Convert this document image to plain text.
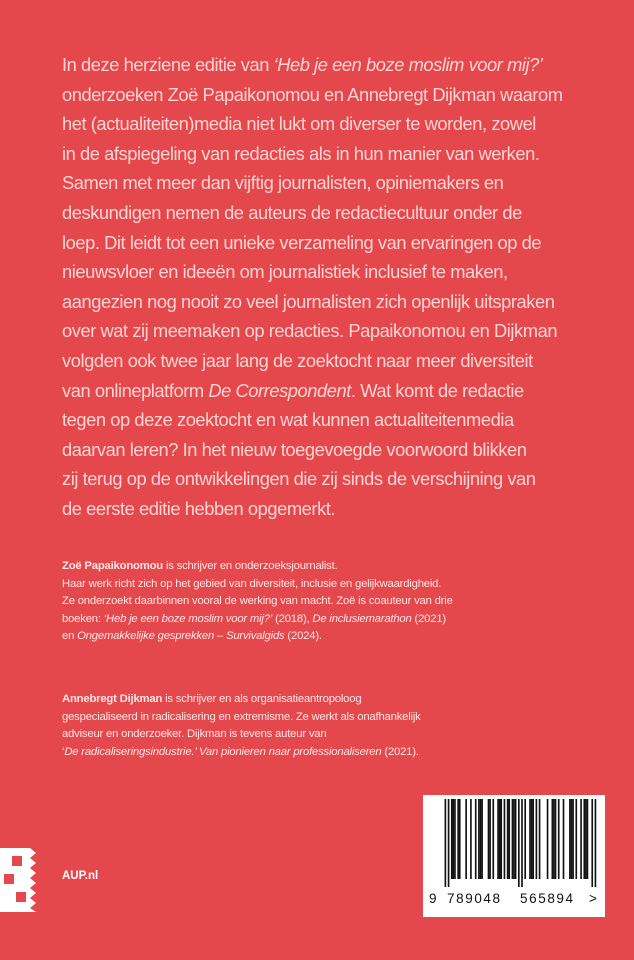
In deze herziene editie van ‘Heb je een boze moslim voor mij?’

onderzoeken Zoë Papaikonomou en Annebregt Dijkman waarom

het (actualiteiten)media niet lukt om diverser te worden, zowel

in de afspiegeling van redacties als in hun manier van werken.

Samen met meer dan vijftig journalisten, opiniemakers en

deskundigen nemen de auteurs de redactiecultuur onder de

loep. Dit leidt tot een unieke verzameling van ervaringen op de

nieuwsvloer en ideeën om journalistiek inclusief te maken,

aangezien nog nooit zo veel journalisten zich openlijk uitspraken

over wat zij meemaken op redacties. Papaikonomou en Dijkman

volgden ook twee jaar lang de zoektocht naar meer diversiteit

van onlineplatform De Correspondent. Wat komt de redactie

tegen op deze zoektocht en wat kunnen actualiteitenmedia

daarvan leren? In het nieuw toegevoegde voorwoord blikken

zij terug op de ontwikkelingen die zij sinds de verschijning van

de eerste editie hebben opgemerkt.

Zoë Papaikonomou is schrijver en onderzoeksjournalist.

Haar werk richt zich op het gebied van diversiteit, inclusie en gelijkwaardigheid.

Ze onderzoekt daarbinnen vooral de werking van macht. Zoë is coauteur van drie

boeken: ‘Heb je een boze moslim voor mij?’ (2018), De inclusiemarathon (2021)

en Ongemakkelijke gesprekken – Survivalgids (2024).

Annebregt Dijkman is schrijver en als organisatieantropoloog

gespecialiseerd in radicalisering en extremisme. Ze werkt als onafhankelijk

adviseur en onderzoeker. Dijkman is tevens auteur van

‘De radicaliseringsindustrie.’ Van pionieren naar professionaliseren (2021).

AUP.nl
9 789048 565894 >
